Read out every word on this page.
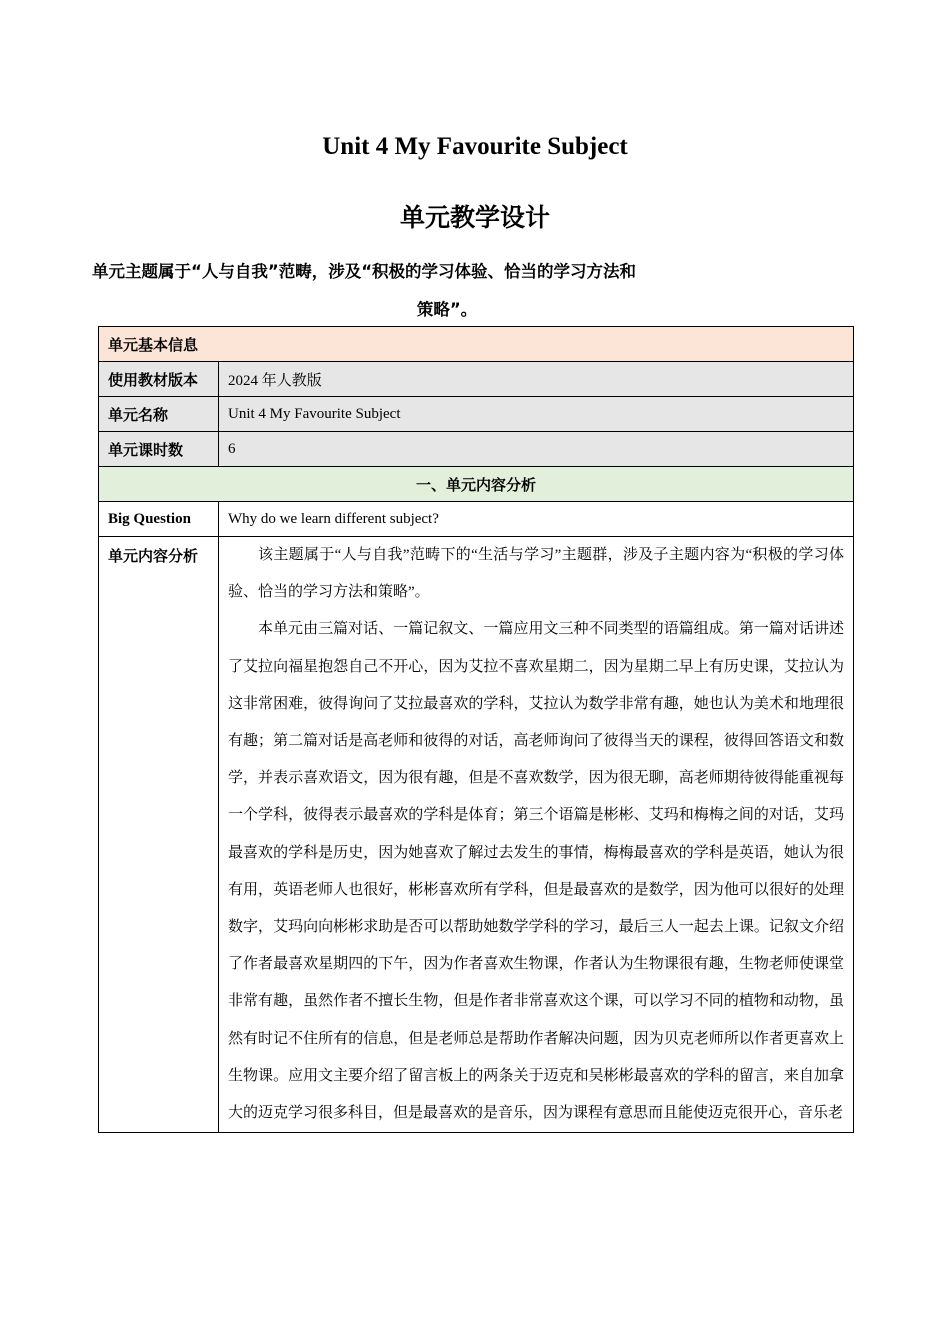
Unit 4 My Favourite Subject
单元教学设计
单元主题属于“人与自我”范畴，涉及“积极的学习体验、恰当的学习方法和
策略”。
单元基本信息	
使用教材版本	2024 年人教版
单元名称	Unit 4 My Favourite Subject
单元课时数	6
一、单元内容分析	
Big Question	Why do we learn different subject?
单元内容分析	该主题属于“人与自我”范畴下的“生活与学习”主题群，涉及子主题内容为“积极的学习体验、恰当的学习方法和策略”。

本单元由三篇对话、一篇记叙文、一篇应用文三种不同类型的语篇组成。第一篇对话讲述了艾拉向福星抱怨自己不开心，因为艾拉不喜欢星期二，因为星期二早上有历史课，艾拉认为这非常困难，彼得询问了艾拉最喜欢的学科，艾拉认为数学非常有趣，她也认为美术和地理很有趣；第二篇对话是高老师和彼得的对话，高老师询问了彼得当天的课程，彼得回答语文和数学，并表示喜欢语文，因为很有趣，但是不喜欢数学，因为很无聊，高老师期待彼得能重视每一个学科，彼得表示最喜欢的学科是体育；第三个语篇是彬彬、艾玛和梅梅之间的对话，艾玛最喜欢的学科是历史，因为她喜欢了解过去发生的事情，梅梅最喜欢的学科是英语，她认为很有用，英语老师人也很好，彬彬喜欢所有学科，但是最喜欢的是数学，因为他可以很好的处理数字，艾玛向向彬彬求助是否可以帮助她数学学科的学习，最后三人一起去上课。记叙文介绍了作者最喜欢星期四的下午，因为作者喜欢生物课，作者认为生物课很有趣，生物老师使课堂非常有趣，虽然作者不擅长生物，但是作者非常喜欢这个课，可以学习不同的植物和动物，虽然有时记不住所有的信息，但是老师总是帮助作者解决问题，因为贝克老师所以作者更喜欢上生物课。应用文主要介绍了留言板上的两条关于迈克和吴彬彬最喜欢的学科的留言，来自加拿大的迈克学习很多科目，但是最喜欢的是音乐，因为课程有意思而且能使迈克很开心，音乐老
